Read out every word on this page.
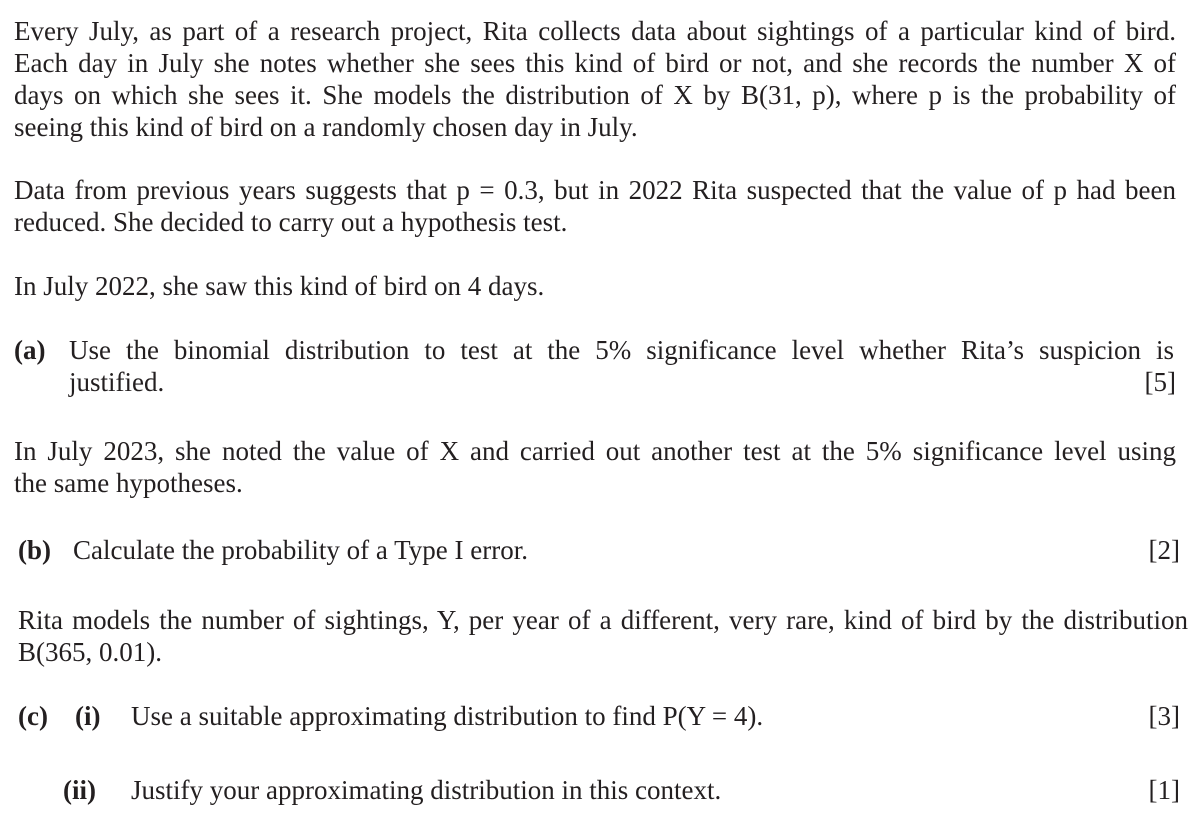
Every July, as part of a research project, Rita collects data about sightings of a particular kind of bird.
Each day in July she notes whether she sees this kind of bird or not, and she records the number X of
days on which she sees it. She models the distribution of X by B(31, p), where p is the probability of
seeing this kind of bird on a randomly chosen day in July.
Data from previous years suggests that p = 0.3, but in 2022 Rita suspected that the value of p had been
reduced. She decided to carry out a hypothesis test.
In July 2022, she saw this kind of bird on 4 days.
(a) Use the binomial distribution to test at the 5% significance level whether Rita’s suspicion is
justified.	[5]
In July 2023, she noted the value of X and carried out another test at the 5% significance level using
the same hypotheses.
(b) Calculate the probability of a Type I error.	[2]
Rita models the number of sightings, Y, per year of a different, very rare, kind of bird by the distribution
B(365, 0.01).
(c) (i) Use a suitable approximating distribution to find P(Y = 4).	[3]
(ii) Justify your approximating distribution in this context.	[1]
